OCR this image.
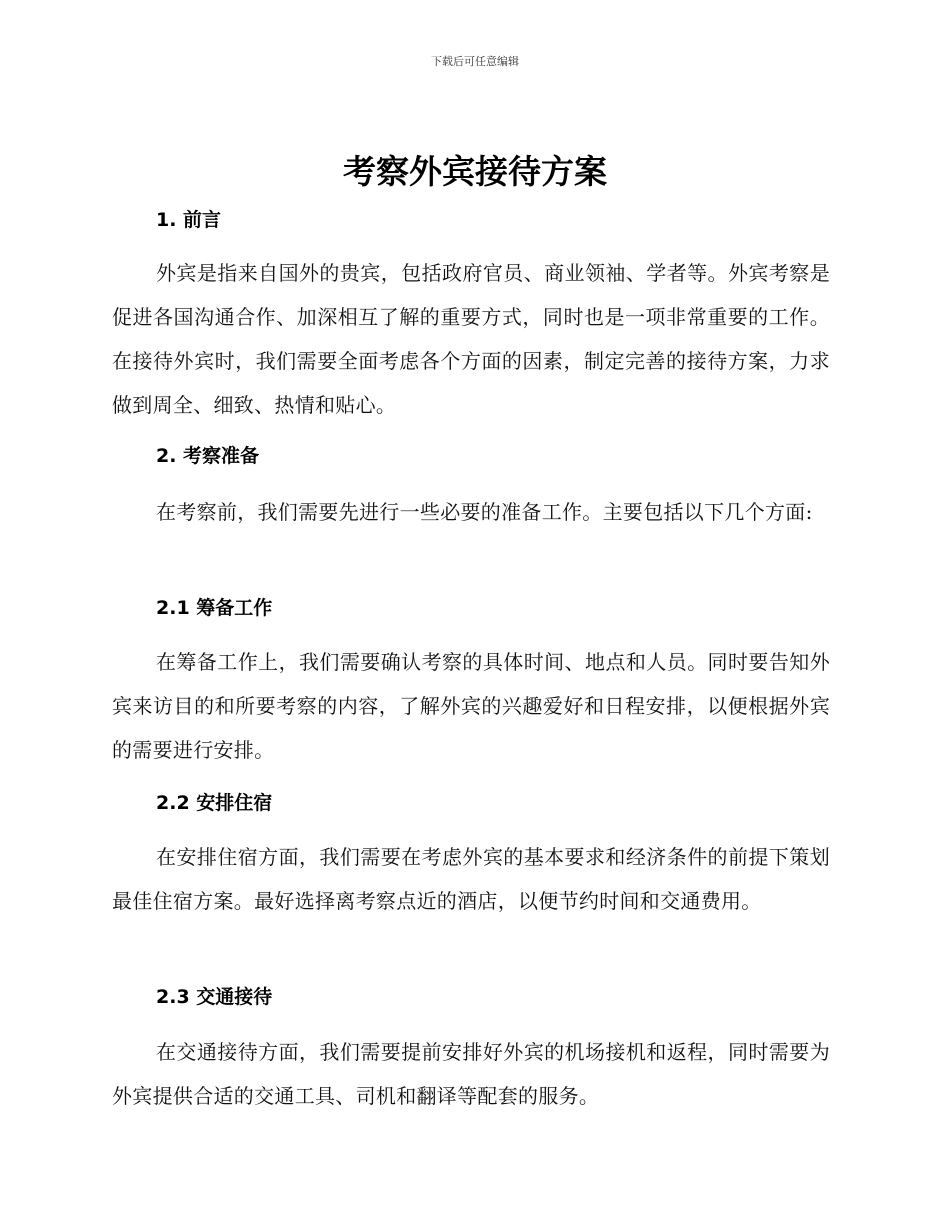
下载后可任意编辑
考察外宾接待方案
1. 前言

外宾是指来自国外的贵宾，包括政府官员、商业领袖、学者等。外宾考察是促进各国沟通合作、加深相互了解的重要方式，同时也是一项非常重要的工作。在接待外宾时，我们需要全面考虑各个方面的因素，制定完善的接待方案，力求做到周全、细致、热情和贴心。

2. 考察准备

在考察前，我们需要先进行一些必要的准备工作。主要包括以下几个方面:

2.1 筹备工作

在筹备工作上，我们需要确认考察的具体时间、地点和人员。同时要告知外宾来访目的和所要考察的内容，了解外宾的兴趣爱好和日程安排，以便根据外宾的需要进行安排。

2.2 安排住宿

在安排住宿方面，我们需要在考虑外宾的基本要求和经济条件的前提下策划最佳住宿方案。最好选择离考察点近的酒店，以便节约时间和交通费用。

2.3 交通接待

在交通接待方面，我们需要提前安排好外宾的机场接机和返程，同时需要为外宾提供合适的交通工具、司机和翻译等配套的服务。
